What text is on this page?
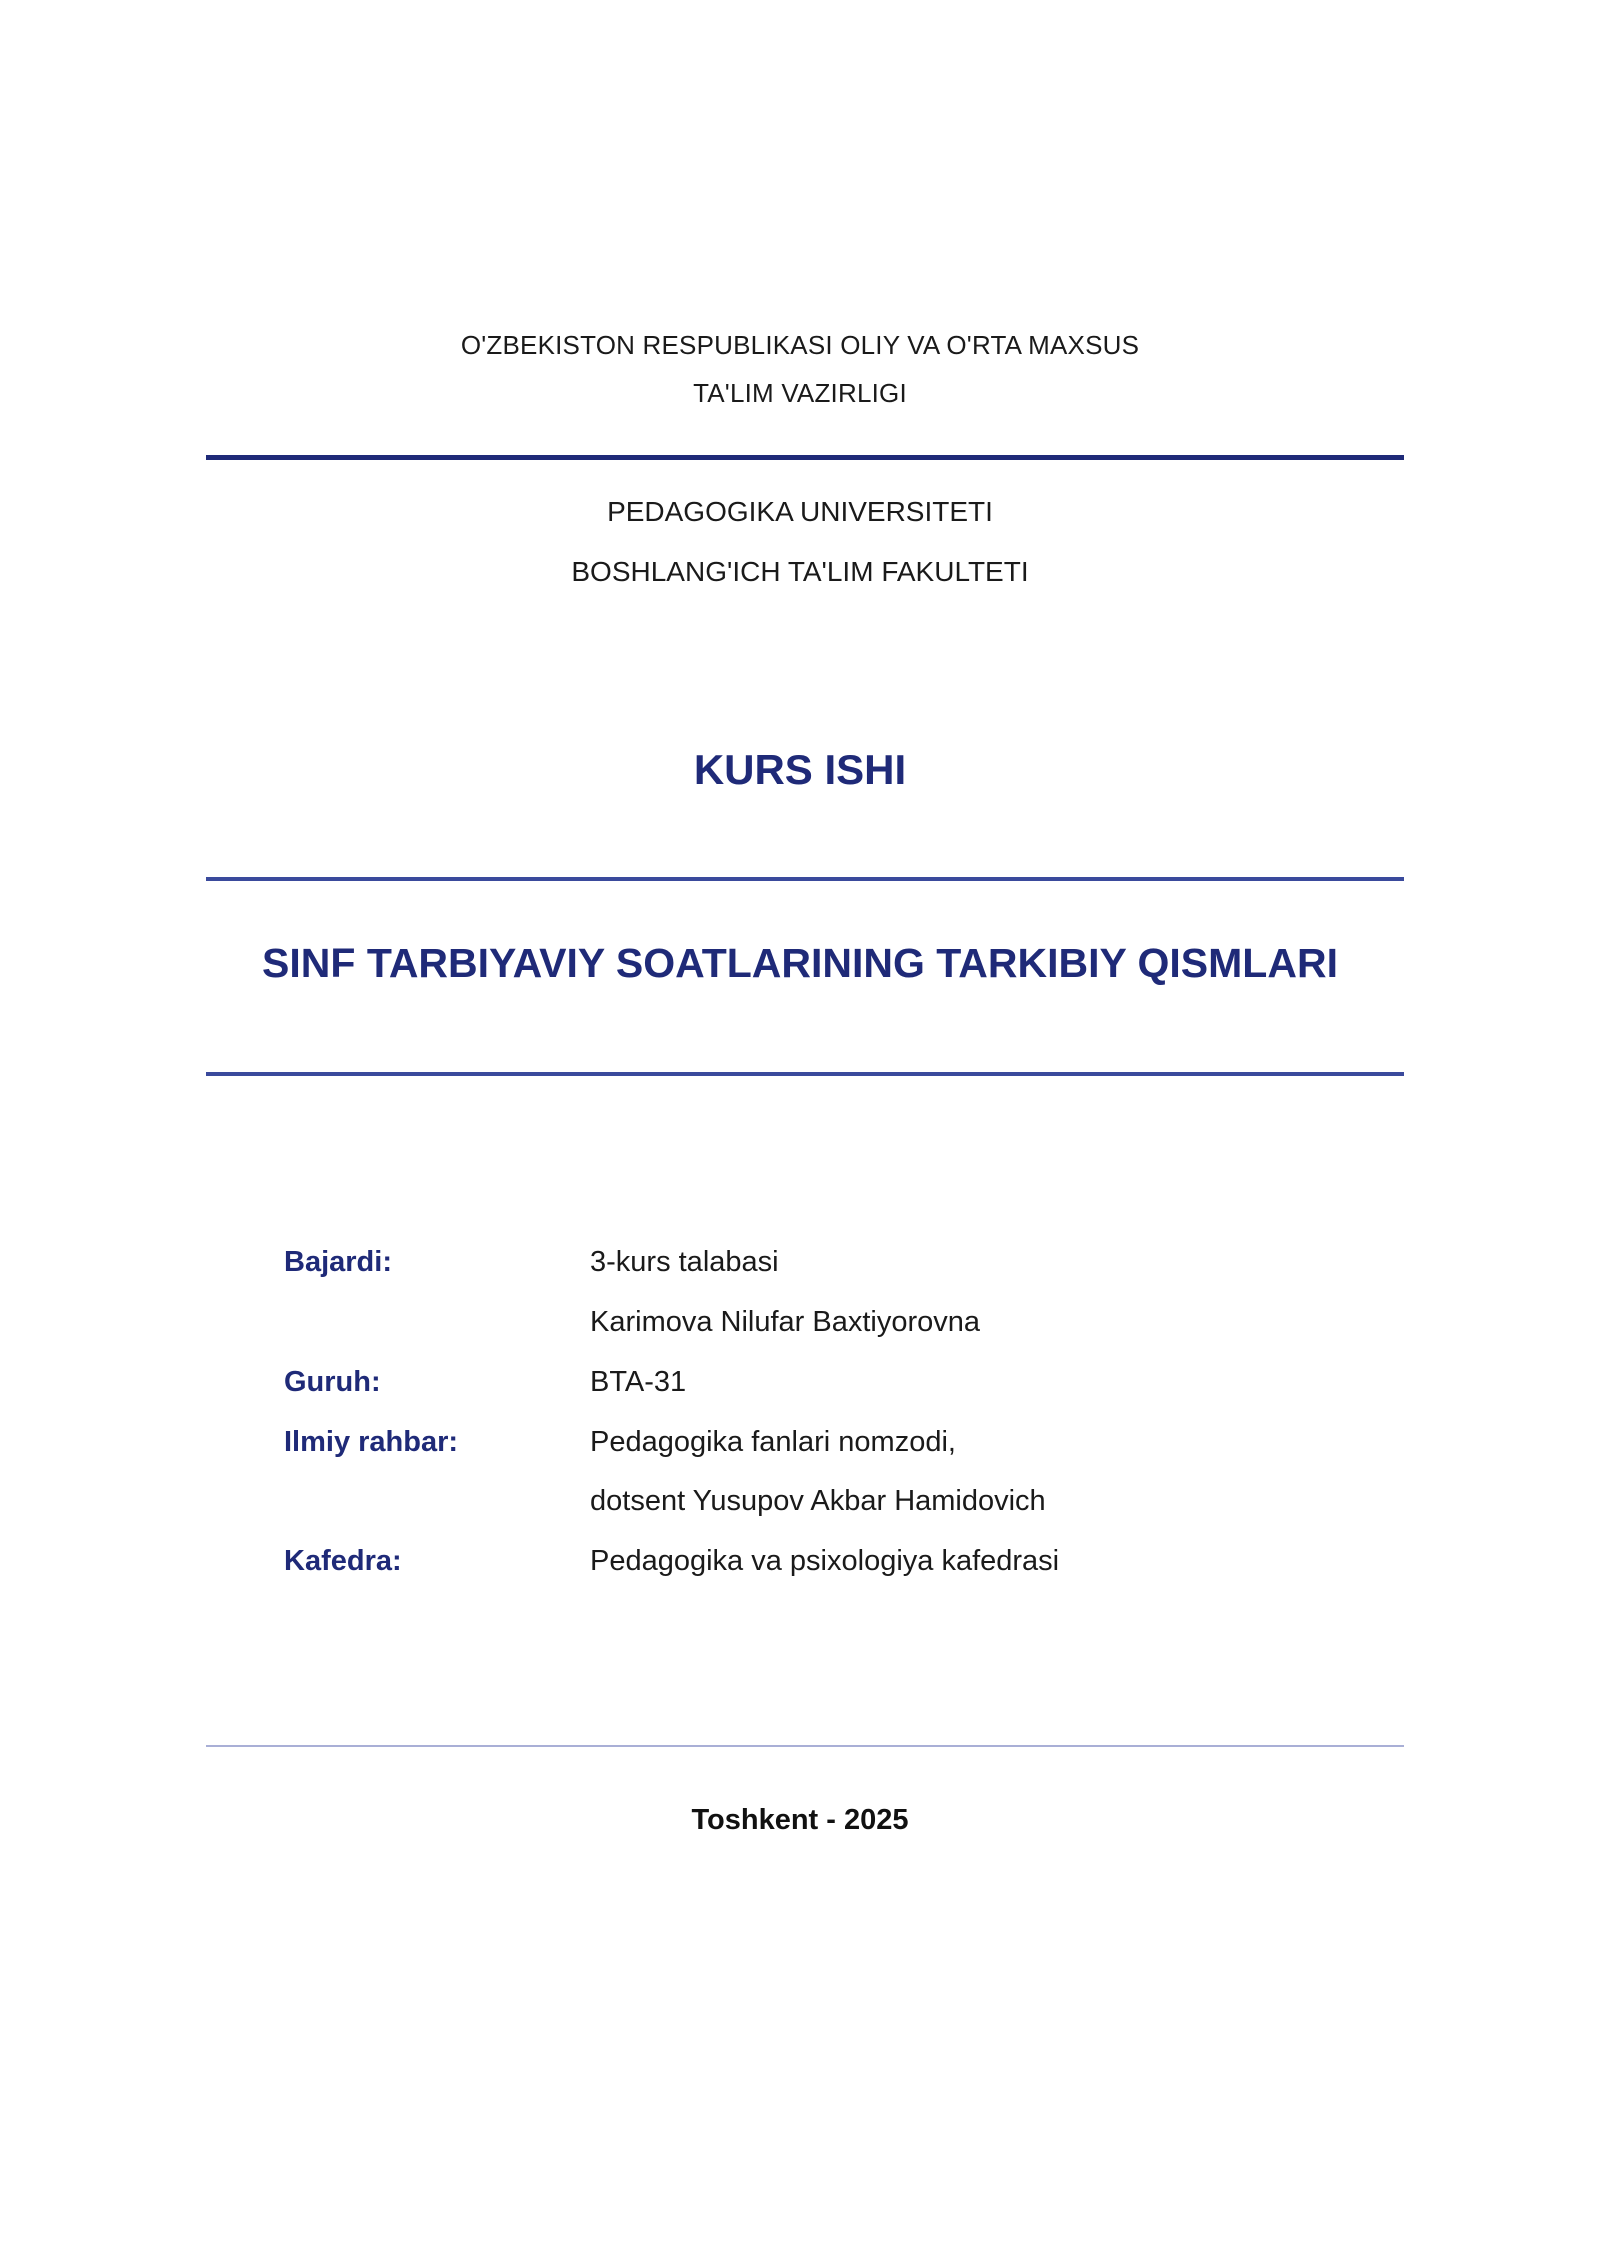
O'ZBEKISTON RESPUBLIKASI OLIY VA O'RTA MAXSUS
TA'LIM VAZIRLIGI
PEDAGOGIKA UNIVERSITETI
BOSHLANG'ICH TA'LIM FAKULTETI
KURS ISHI
SINF TARBIYAVIY SOATLARINING TARKIBIY QISMLARI
Bajardi:	3-kurs talabasi
Karimova Nilufar Baxtiyorovna
Guruh:	BTA-31
Ilmiy rahbar:	Pedagogika fanlari nomzodi,
dotsent Yusupov Akbar Hamidovich
Kafedra:	Pedagogika va psixologiya kafedrasi
Toshkent - 2025
